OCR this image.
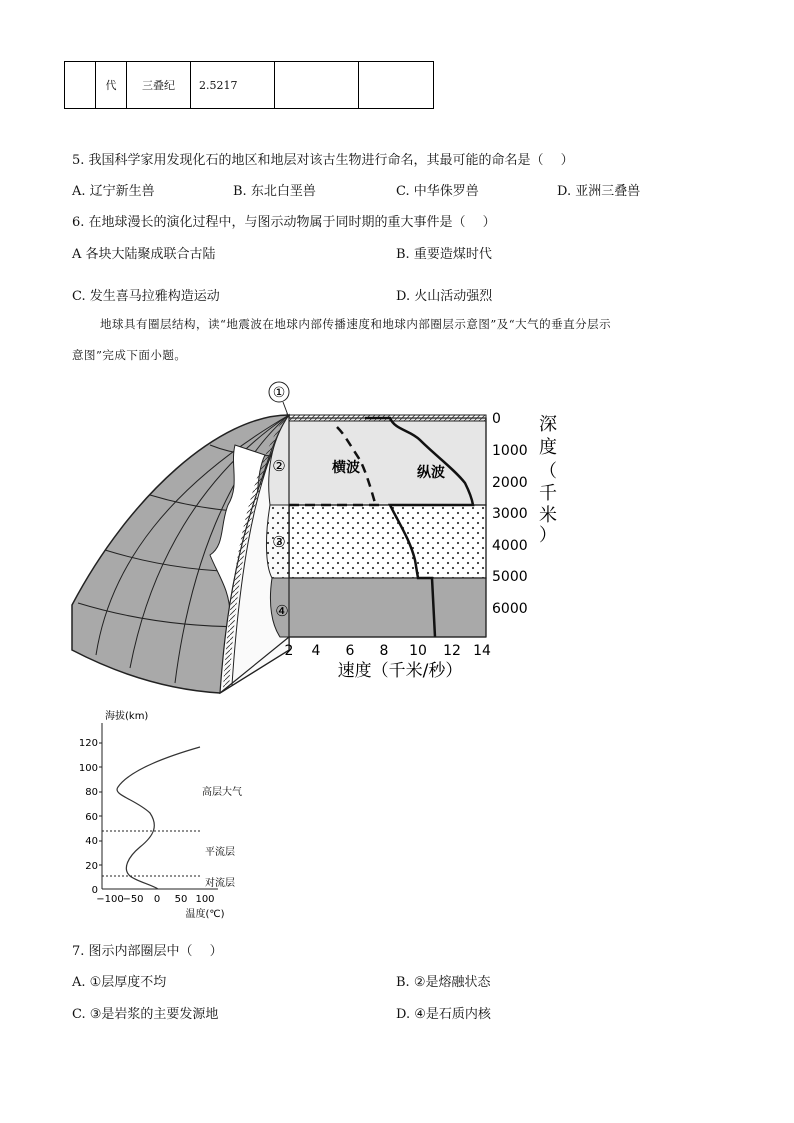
	代	三叠纪	2.5217		
5. 我国科学家用发现化石的地区和地层对该古生物进行命名，其最可能的命名是（　 ）
A. 辽宁新生兽	B. 东北白垩兽	C. 中华侏罗兽	D. 亚洲三叠兽
6. 在地球漫长的演化过程中，与图示动物属于同时期的重大事件是（　 ）
A 各块大陆聚成联合古陆	B. 重要造煤时代
C. 发生喜马拉雅构造运动	D. 火山活动强烈
地球具有圈层结构，读“地震波在地球内部传播速度和地球内部圈层示意图”及“大气的垂直分层示
意图”完成下面小题。
横波	纵波
①
②
③
④
0
1000
2000
3000
4000
5000
6000
深
度
（
千
米
）
2 4 6 8 10 12 14
速度（千米/秒）
海拔(km)
120
100
80
60
40
20
0
−100
−50 0 50 100
温度(℃)
高层大气
平流层
对流层
7. 图示内部圈层中（　 ）
A. ①层厚度不均	B. ②是熔融状态
C. ③是岩浆的主要发源地	D. ④是石质内核
